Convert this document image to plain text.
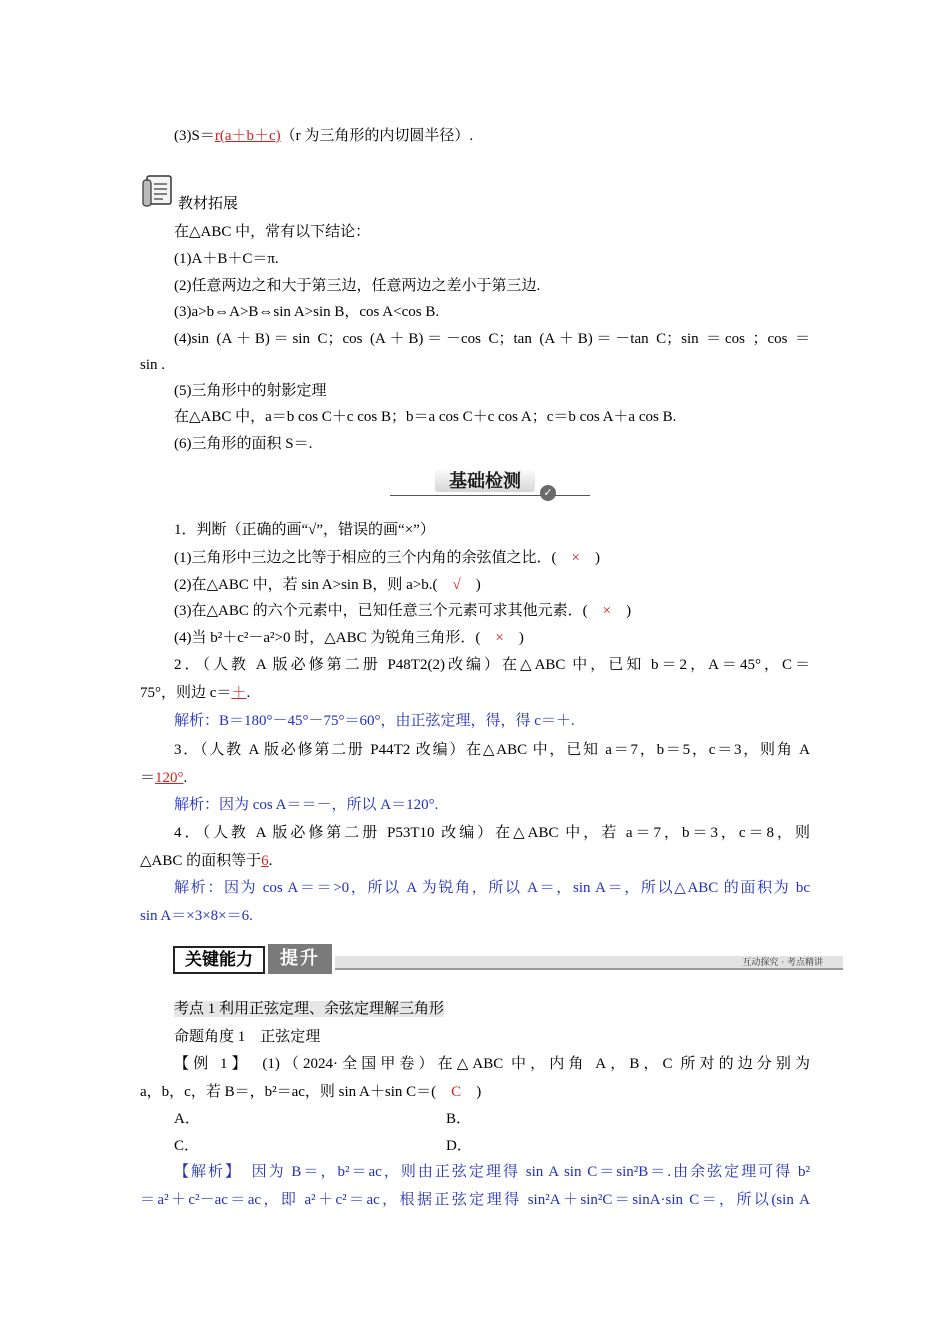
(3)S＝r(a＋b＋c)（r 为三角形的内切圆半径）.
教材拓展
在△ABC 中，常有以下结论：
(1)A＋B＋C＝π.
(2)任意两边之和大于第三边，任意两边之差小于第三边.
(3)a>b⇔A>B⇔sin A>sin B，cos A<cos B.
(4)sin (A＋B)＝sin C；cos (A＋B)＝－cos C；tan (A＋B)＝－tan C；sin ＝cos ；cos ＝
sin .
(5)三角形中的射影定理
在△ABC 中，a＝b cos C＋c cos B；b＝a cos C＋c cos A；c＝b cos A＋a cos B.
(6)三角形的面积 S＝.
基础检测
✓
1．判断（正确的画“√”，错误的画“×”）
(1)三角形中三边之比等于相应的三个内角的余弦值之比．(　 ×　 )
(2)在△ABC 中，若 sin A>sin B，则 a>b.(　 √　 )
(3)在△ABC 的六个元素中，已知任意三个元素可求其他元素．(　 ×　 )
(4)当 b²＋c²－a²>0 时，△ABC 为锐角三角形．(　 ×　 )
2．（人教 A 版必修第二册 P48T2(2)改编）在△ABC 中，已知 b＝2，A＝45°，C＝
75°，则边 c＝＋.
解析：B＝180°－45°－75°＝60°，由正弦定理，得，得 c＝＋.
3．（人教 A 版必修第二册 P44T2 改编）在△ABC 中，已知 a＝7，b＝5，c＝3，则角 A
＝120°.
解析：因为 cos A＝＝－，所以 A＝120°.
4．（人教 A 版必修第二册 P53T10 改编）在△ABC 中，若 a＝7，b＝3，c＝8，则
△ABC 的面积等于6.
解析：因为 cos A＝＝>0，所以 A 为锐角，所以 A＝，sin A＝，所以△ABC 的面积为 bc
sin A＝×3×8×＝6.
关键能力	提升	互动探究 · 考点精讲
考点 1 利用正弦定理、余弦定理解三角形
命题角度 1　正弦定理
【例 1】　(1)（2024·全国甲卷）在△ABC 中，内角 A，B，C 所对的边分别为
a，b，c，若 B＝，b²＝ac，则 sin A＋sin C＝(　 C　 )
A．	B．
C．	D．
【解析】　因为 B＝，b²＝ac，则由正弦定理得 sin A sin C＝sin²B＝.由余弦定理可得 b²
＝a²＋c²－ac＝ac，即 a²＋c²＝ac，根据正弦定理得 sin²A＋sin²C＝sinA·sin C＝，所以(sin A
